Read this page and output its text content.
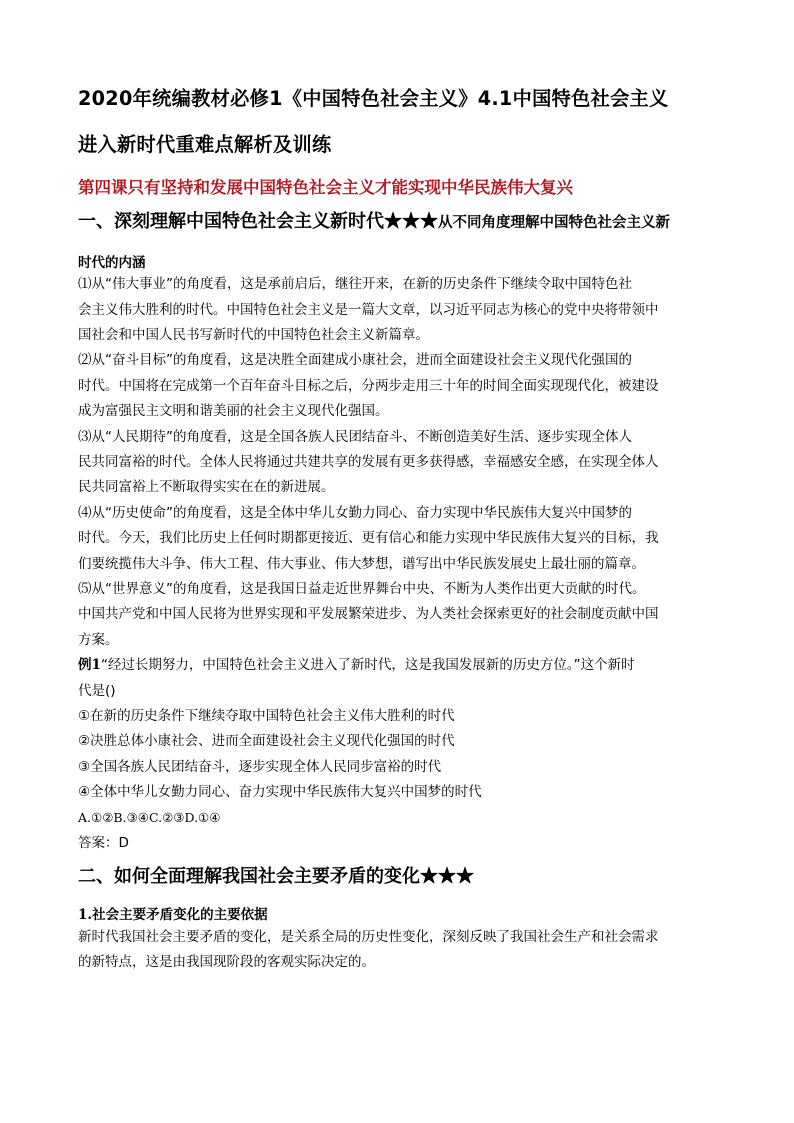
2020年统编教材必修1《中国特色社会主义》4.1中国特色社会主义
进入新时代重难点解析及训练
第四课只有坚持和发展中国特色社会主义才能实现中华民族伟大复兴
一、深刻理解中国特色社会主义新时代★★★从不同角度理解中国特色社会主义新
时代的内涵
⑴从“伟大事业”的角度看，这是承前启后，继往开来，在新的历史条件下继续令取中国特色社
会主义伟大胜利的时代。中国特色社会主义是一篇大文章，以习近平同志为核心的党中央将带领中
国社会和中国人民书写新时代的中国特色社会主义新篇章。
⑵从“奋斗目标”的角度看，这是决胜全面建成小康社会，进而全面建设社会主义现代化强国的
时代。中国将在完成第一个百年奋斗目标之后，分两步走用三十年的时间全面实现现代化，被建设
成为富强民主文明和谐美丽的社会主义现代化强国。
⑶从“人民期待”的角度看，这是全国各族人民团结奋斗、不断创造美好生活、逐步实现全体人
民共同富裕的时代。全体人民将通过共建共享的发展有更多获得感，幸福感安全感，在实现全体人
民共同富裕上不断取得实实在在的新进展。
⑷从“历史使命”的角度看，这是全体中华儿女勤力同心、奋力实现中华民族伟大复兴中国梦的
时代。今天，我们比历史上任何时期都更接近、更有信心和能力实现中华民族伟大复兴的目标，我
们要统揽伟大斗争、伟大工程、伟大事业、伟大梦想，谱写出中华民族发展史上最壮丽的篇章。
⑸从“世界意义”的角度看，这是我国日益走近世界舞台中央、不断为人类作出更大贡献的时代。
中国共产党和中国人民将为世界实现和平发展繁荣进步、为人类社会探索更好的社会制度贡献中国
方案。
例1“经过长期努力，中国特色社会主义进入了新时代，这是我国发展新的历史方位。”这个新时
代是()
①在新的历史条件下继续夺取中国特色社会主义伟大胜利的时代
②决胜总体小康社会、进而全面建设社会主义现代化强国的时代
③全国各族人民团结奋斗，逐步实现全体人民同步富裕的时代
④全体中华儿女勤力同心、奋力实现中华民族伟大复兴中国梦的时代
A.①②B.③④C.②③D.①④
答案：D
二、如何全面理解我国社会主要矛盾的变化★★★
1.社会主要矛盾变化的主要依据
新时代我国社会主要矛盾的变化，是关系全局的历史性变化，深刻反映了我国社会生产和社会需求
的新特点，这是由我国现阶段的客观实际决定的。
